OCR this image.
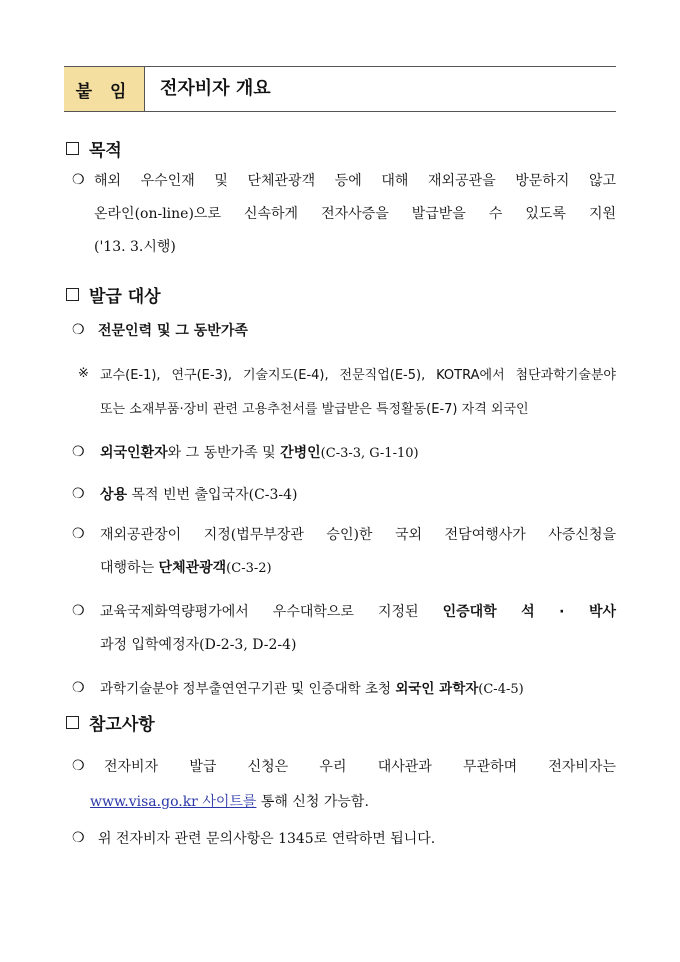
붙 임	전자비자 개요
목적
❍ 해외 우수인재 및 단체관광객 등에 대해 재외공관을 방문하지 않고
온라인(on-line)으로 신속하게 전자사증을 발급받을 수 있도록 지원
('13. 3.시행)
발급 대상
❍ 전문인력 및 그 동반가족
※ 교수(E-1), 연구(E-3), 기술지도(E-4), 전문직업(E-5), KOTRA에서 첨단과학기술분야
또는 소재부품·장비 관련 고용추천서를 발급받은 특정활동(E-7) 자격 외국인
❍ 외국인환자와 그 동반가족 및 간병인(C-3-3, G-1-10)
❍ 상용 목적 빈번 출입국자(C-3-4)
❍ 재외공관장이 지정(법무부장관 승인)한 국외 전담여행사가 사증신청을
대행하는 단체관광객(C-3-2)
❍ 교육국제화역량평가에서 우수대학으로 지정된 인증대학 석 · 박사
과정 입학예정자(D-2-3, D-2-4)
❍ 과학기술분야 정부출연연구기관 및 인증대학 초청 외국인 과학자(C-4-5)
참고사항
❍ 전자비자 발급 신청은 우리 대사관과 무관하며 전자비자는
www.visa.go.kr 사이트를 통해 신청 가능함.
❍ 위 전자비자 관련 문의사항은 1345로 연락하면 됩니다.
